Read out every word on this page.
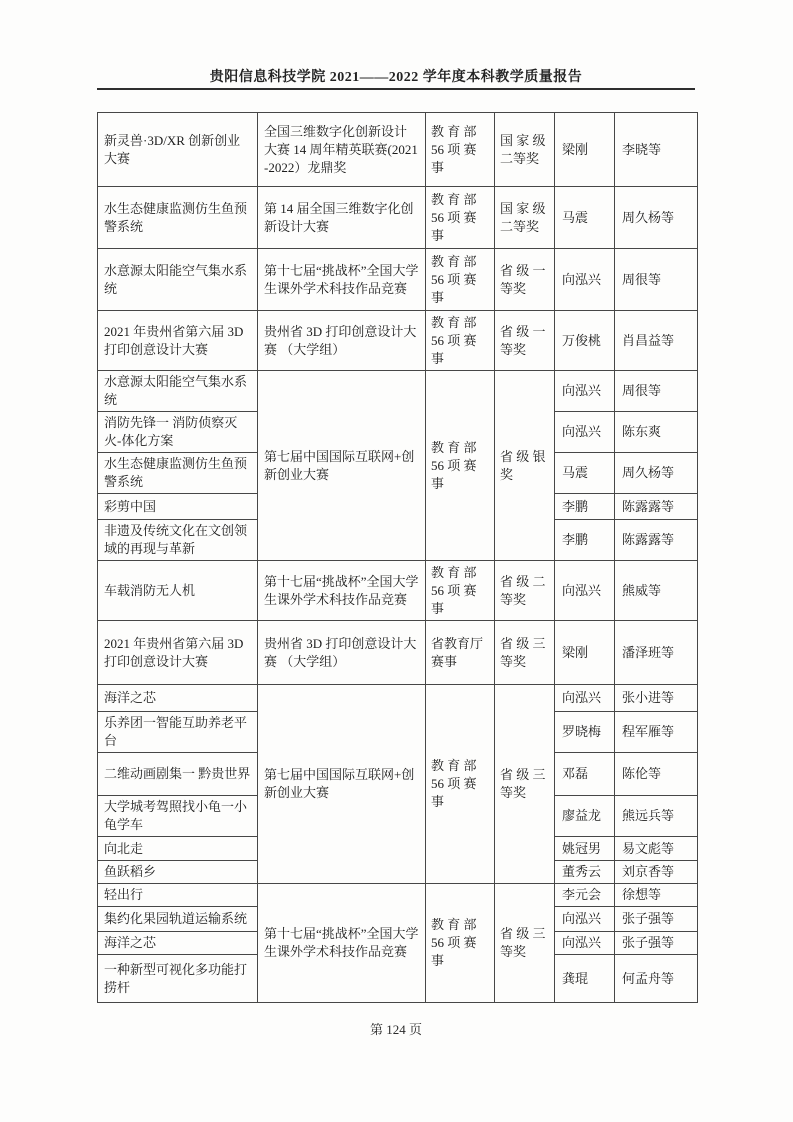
贵阳信息科技学院 2021——2022 学年度本科教学质量报告
新灵兽·3D/XR 创新创业大赛	全国三维数字化创新设计大赛 14 周年精英联赛(2021 -2022）龙鼎奖	教 育 部 56 项 赛 事	国 家 级 二等奖	梁刚	李晓等
水生态健康监测仿生鱼预警系统	第 14 届全国三维数字化创新设计大赛	教 育 部 56 项 赛 事	国 家 级 二等奖	马震	周久杨等
水意源太阳能空气集水系统	第十七届“挑战杯”全国大学生课外学术科技作品竞赛	教 育 部 56 项 赛 事	省 级 一 等奖	向泓兴	周很等
2021 年贵州省第六届 3D 打印创意设计大赛	贵州省 3D 打印创意设计大赛 （大学组）	教 育 部 56 项 赛 事	省 级 一 等奖	万俊桃	肖昌益等
水意源太阳能空气集水系统	第七届中国国际互联网+创新创业大赛	教 育 部 56 项 赛 事	省 级 银 奖	向泓兴	周很等
消防先锋一 消防侦察灭火-体化方案				向泓兴	陈东爽
水生态健康监测仿生鱼预警系统				马震	周久杨等
彩剪中国				李鹏	陈露露等
非遗及传统文化在文创领域的再现与革新				李鹏	陈露露等
车载消防无人机	第十七届“挑战杯”全国大学生课外学术科技作品竞赛	教 育 部 56 项 赛 事	省 级 二 等奖	向泓兴	熊威等
2021 年贵州省第六届 3D 打印创意设计大赛	贵州省 3D 打印创意设计大赛 （大学组）	省教育厅 赛事	省 级 三 等奖	梁刚	潘泽班等
海洋之芯	第七届中国国际互联网+创新创业大赛	教 育 部 56 项 赛 事	省 级 三 等奖	向泓兴	张小进等
乐养团一智能互助养老平台				罗晓梅	程军雁等
二维动画剧集一 黔贵世界				邓磊	陈伦等
大学城考驾照找小龟一小龟学车				廖益龙	熊远兵等
向北走				姚冠男	易文彪等
鱼跃稻乡				董秀云	刘京香等
轻出行	第十七届“挑战杯”全国大学生课外学术科技作品竞赛	教 育 部 56 项 赛 事	省 级 三 等奖	李元会	徐想等
集约化果园轨道运输系统				向泓兴	张子强等
海洋之芯				向泓兴	张子强等
一种新型可视化多功能打捞杆				龚琨	何孟舟等
第 124 页
